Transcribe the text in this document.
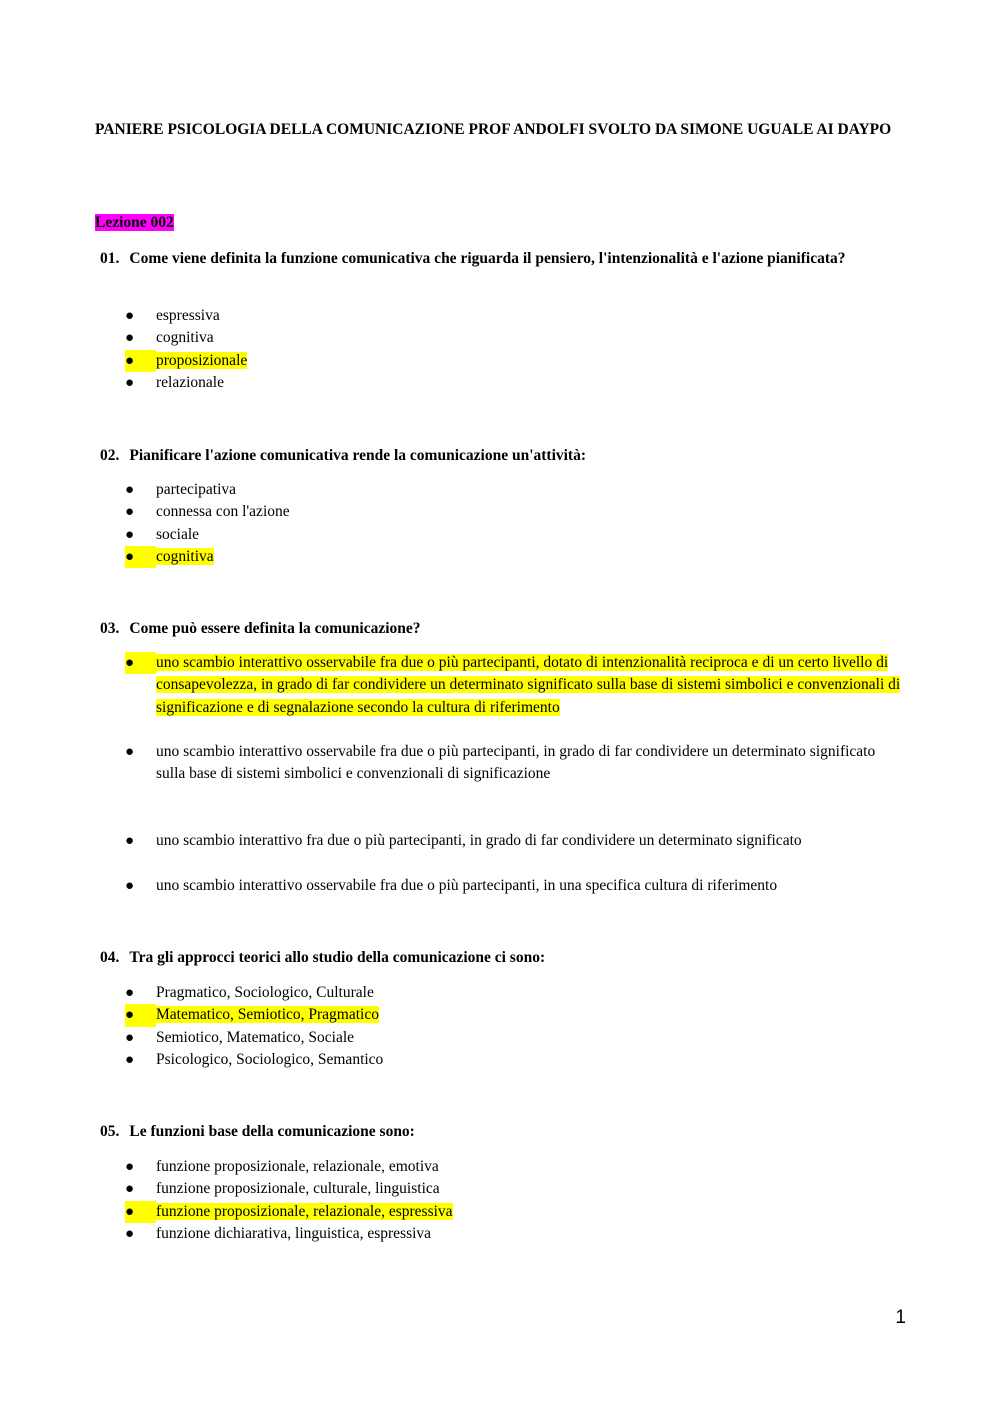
PANIERE PSICOLOGIA DELLA COMUNICAZIONE PROF ANDOLFI SVOLTO DA SIMONE UGUALE AI DAYPO
Lezione 002
01. Come viene definita la funzione comunicativa che riguarda il pensiero, l'intenzionalità e l'azione pianificata?
●	espressiva
●	cognitiva
●	proposizionale
●	relazionale
02. Pianificare l'azione comunicativa rende la comunicazione un'attività:
●	partecipativa
●	connessa con l'azione
●	sociale
●	cognitiva
03. Come può essere definita la comunicazione?
●	uno scambio interattivo osservabile fra due o più partecipanti, dotato di intenzionalità reciproca e di un certo livello di consapevolezza, in grado di far condividere un determinato significato sulla base di sistemi simbolici e convenzionali di significazione e di segnalazione secondo la cultura di riferimento
●	uno scambio interattivo osservabile fra due o più partecipanti, in grado di far condividere un determinato significato sulla base di sistemi simbolici e convenzionali di significazione
●	uno scambio interattivo fra due o più partecipanti, in grado di far condividere un determinato significato
●	uno scambio interattivo osservabile fra due o più partecipanti, in una specifica cultura di riferimento
04. Tra gli approcci teorici allo studio della comunicazione ci sono:
●	Pragmatico, Sociologico, Culturale
●	Matematico, Semiotico, Pragmatico
●	Semiotico, Matematico, Sociale
●	Psicologico, Sociologico, Semantico
05. Le funzioni base della comunicazione sono:
●	funzione proposizionale, relazionale, emotiva
●	funzione proposizionale, culturale, linguistica
●	funzione proposizionale, relazionale, espressiva
●	funzione dichiarativa, linguistica, espressiva
1
